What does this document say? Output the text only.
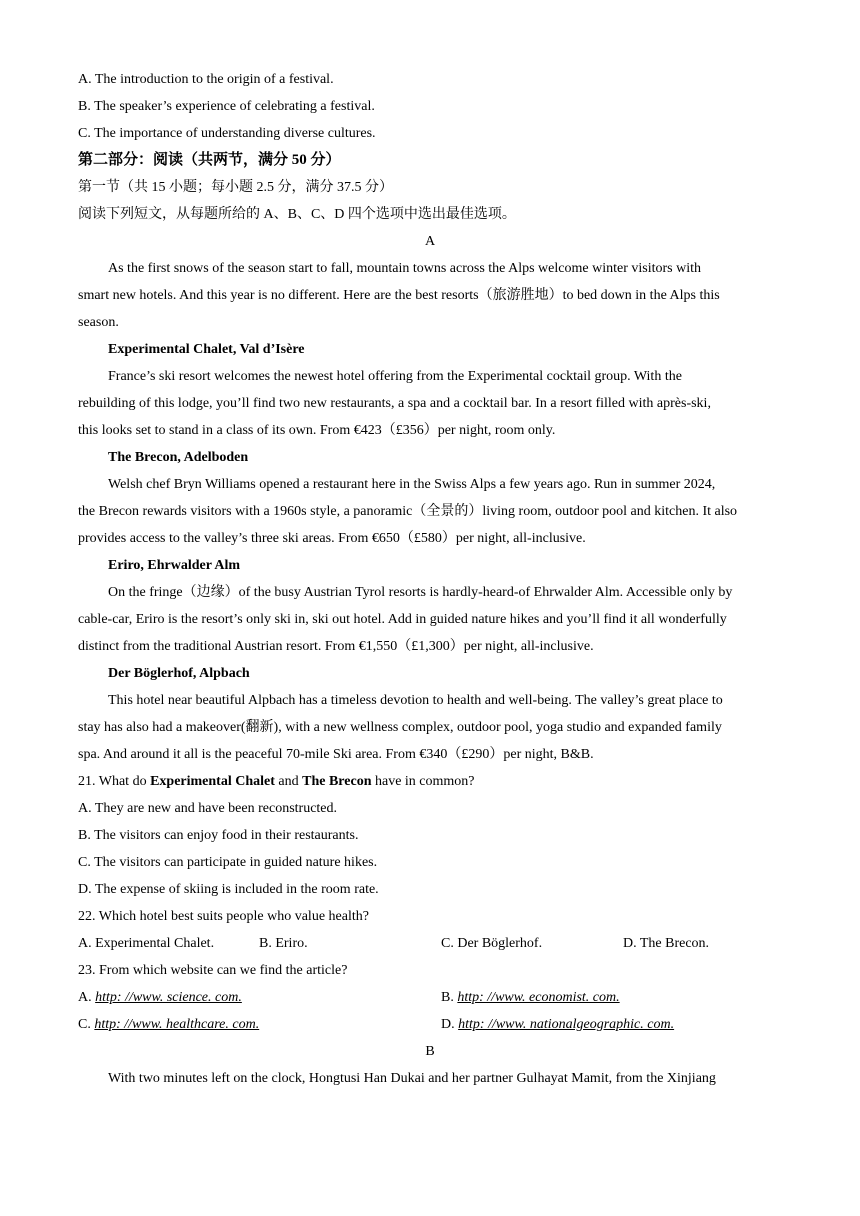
A. The introduction to the origin of a festival.
B. The speaker’s experience of celebrating a festival.
C. The importance of understanding diverse cultures.
第二部分：阅读（共两节，满分 50 分）
第一节（共 15 小题；每小题 2.5 分，满分 37.5 分）
阅读下列短文，从每题所给的 A、B、C、D 四个选项中选出最佳选项。
A
As the first snows of the season start to fall, mountain towns across the Alps welcome winter visitors with
smart new hotels. And this year is no different. Here are the best resorts（旅游胜地）to bed down in the Alps this
season.
Experimental Chalet, Val d’Isère
France’s ski resort welcomes the newest hotel offering from the Experimental cocktail group. With the
rebuilding of this lodge, you’ll find two new restaurants, a spa and a cocktail bar. In a resort filled with après-ski,
this looks set to stand in a class of its own. From €423（£356）per night, room only.
The Brecon, Adelboden
Welsh chef Bryn Williams opened a restaurant here in the Swiss Alps a few years ago. Run in summer 2024,
the Brecon rewards visitors with a 1960s style, a panoramic（全景的）living room, outdoor pool and kitchen. It also
provides access to the valley’s three ski areas. From €650（£580）per night, all-inclusive.
Eriro, Ehrwalder Alm
On the fringe（边缘）of the busy Austrian Tyrol resorts is hardly-heard-of Ehrwalder Alm. Accessible only by
cable-car, Eriro is the resort’s only ski in, ski out hotel. Add in guided nature hikes and you’ll find it all wonderfully
distinct from the traditional Austrian resort. From €1,550（£1,300）per night, all-inclusive.
Der Böglerhof, Alpbach
This hotel near beautiful Alpbach has a timeless devotion to health and well-being. The valley’s great place to
stay has also had a makeover(翻新), with a new wellness complex, outdoor pool, yoga studio and expanded family
spa. And around it all is the peaceful 70-mile Ski area. From €340（£290）per night, B&B.
21. What do Experimental Chalet and The Brecon have in common?
A. They are new and have been reconstructed.
B. The visitors can enjoy food in their restaurants.
C. The visitors can participate in guided nature hikes.
D. The expense of skiing is included in the room rate.
22. Which hotel best suits people who value health?
A. Experimental Chalet.	B. Eriro.	C. Der Böglerhof.	D. The Brecon.
23. From which website can we find the article?
A. http: //www. science. com.	B. http: //www. economist. com.
C. http: //www. healthcare. com.	D. http: //www. nationalgeographic. com.
B
With two minutes left on the clock, Hongtusi Han Dukai and her partner Gulhayat Mamit, from the Xinjiang
